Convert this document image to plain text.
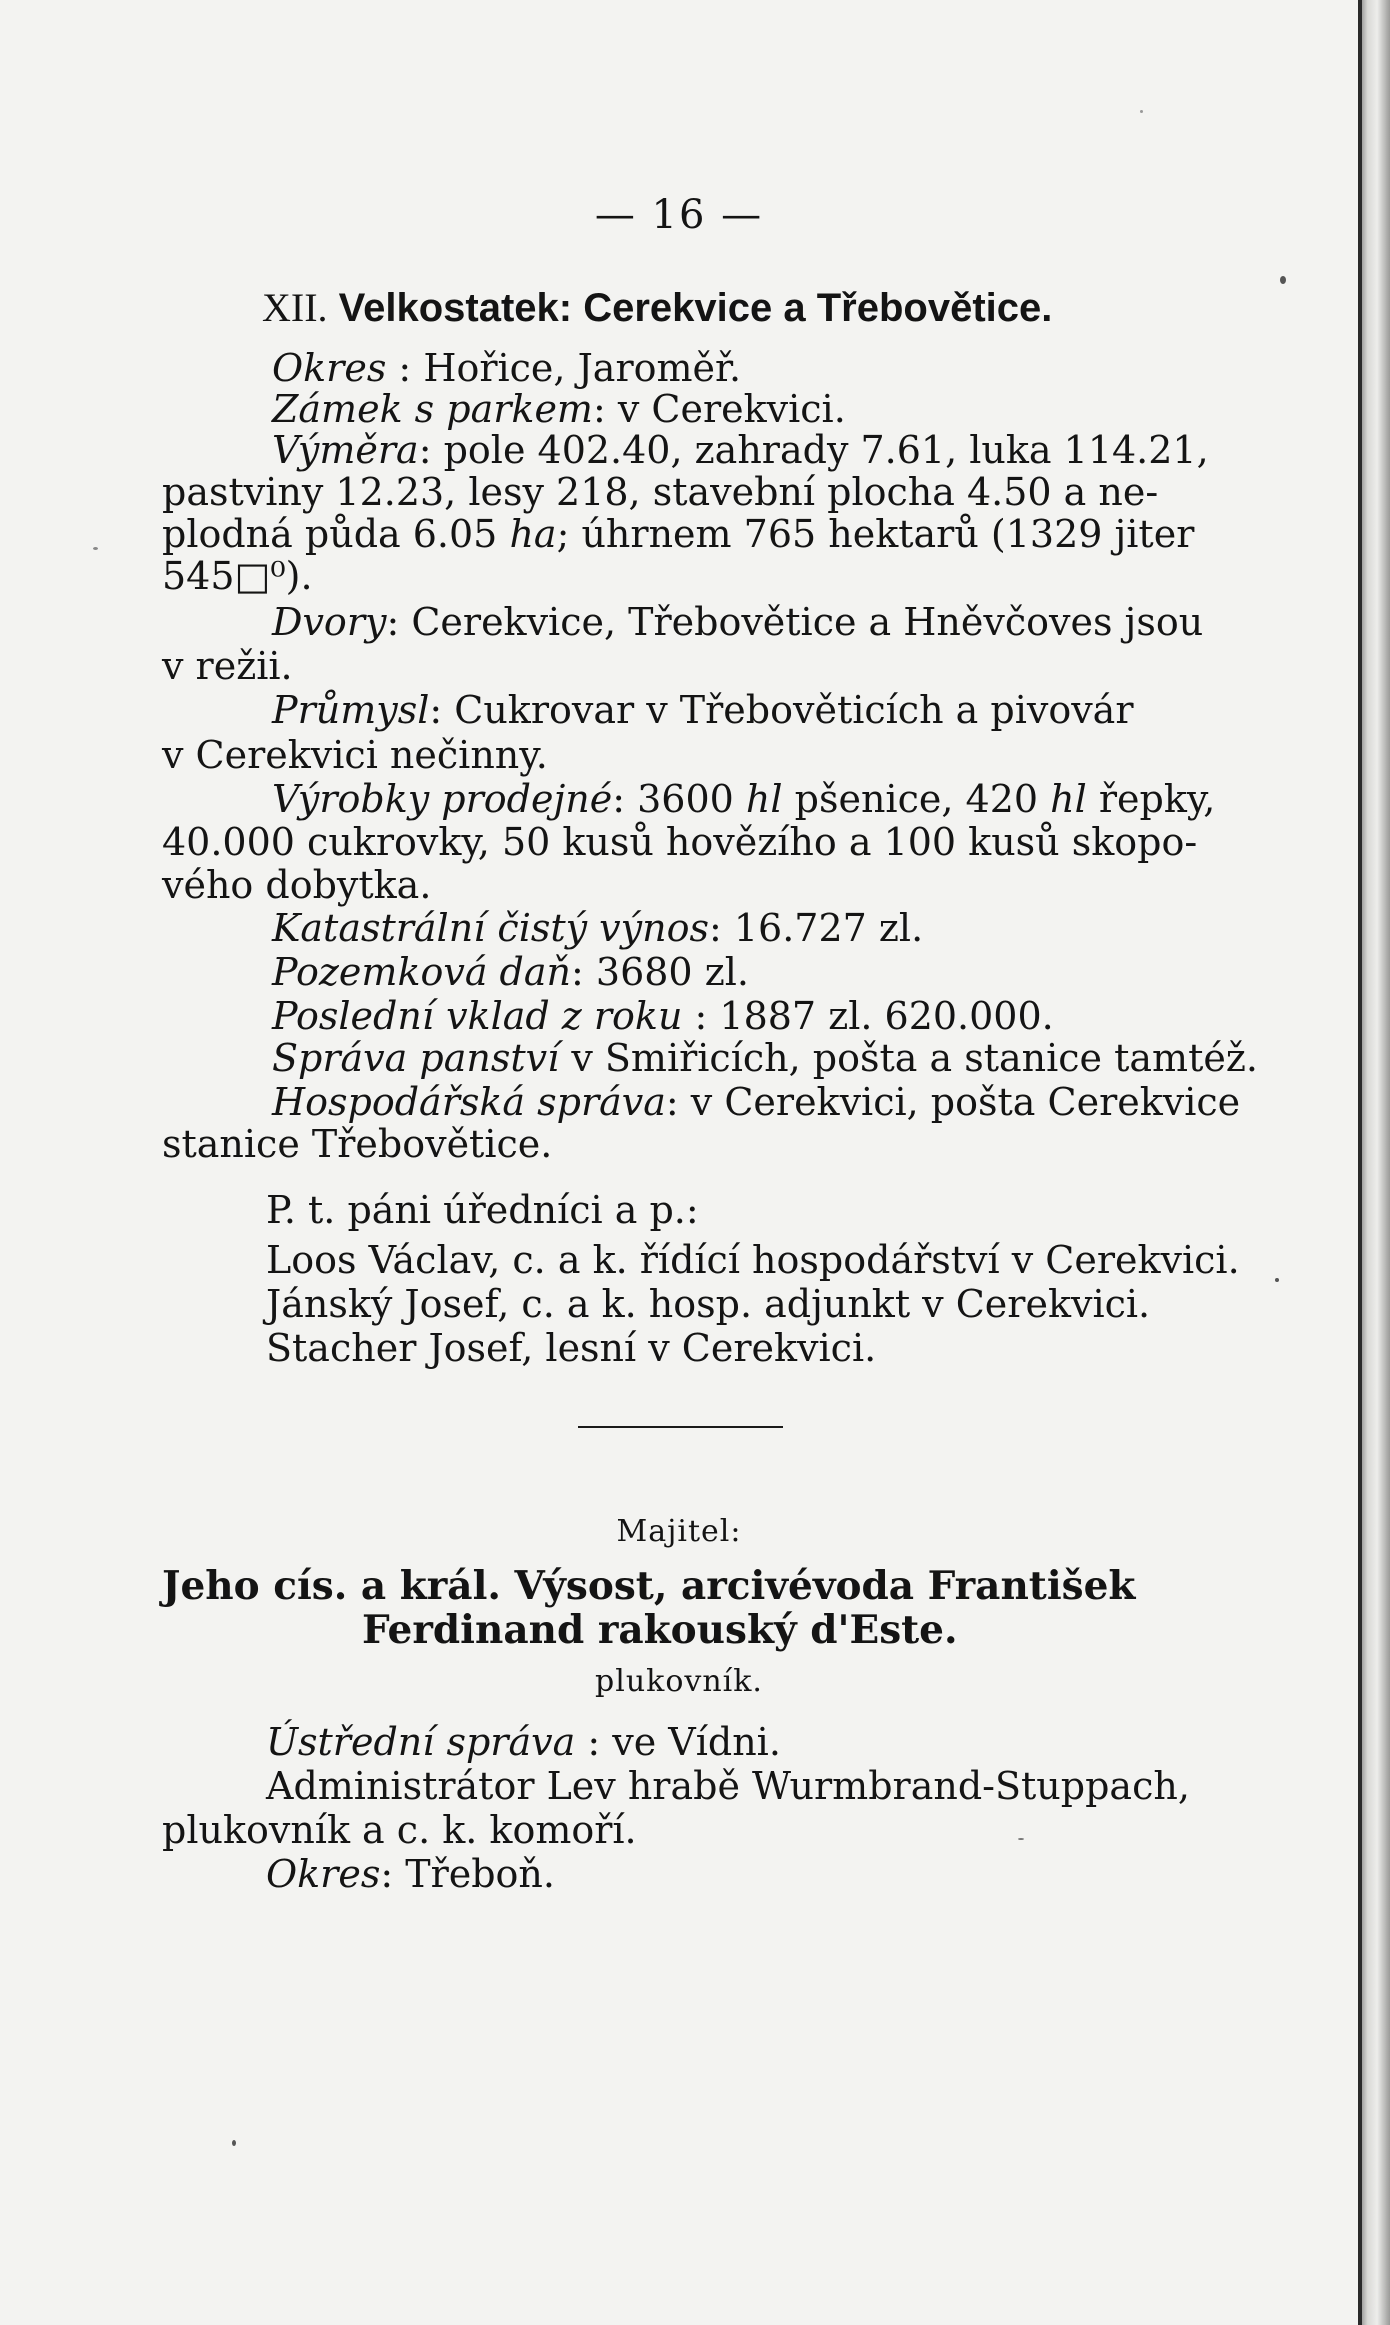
— 16 —
XII. Velkostatek: Cerekvice a Třebovětice.
Okres : Hořice, Jaroměř.
Zámek s parkem: v Cerekvici.
Výměra: pole 402.40, zahrady 7.61, luka 114.21,
pastviny 12.23, lesy 218, stavební plocha 4.50 a ne-
plodná půda 6.05 ha; úhrnem 765 hektarů (1329 jiter
545□⁰).
Dvory: Cerekvice, Třebovětice a Hněvčoves jsou
v režii.
Průmysl: Cukrovar v Třebověticích a pivovár
v Cerekvici nečinny.
Výrobky prodejné: 3600 hl pšenice, 420 hl řepky,
40.000 cukrovky, 50 kusů hovězího a 100 kusů skopo-
vého dobytka.
Katastrální čistý výnos: 16.727 zl.
Pozemková daň: 3680 zl.
Poslední vklad z roku : 1887 zl. 620.000.
Správa panství v Smiřicích, pošta a stanice tamtéž.
Hospodářská správa: v Cerekvici, pošta Cerekvice
stanice Třebovětice.
P. t. páni úředníci a p.:
Loos Václav, c. a k. řídící hospodářství v Cerekvici.
Jánský Josef, c. a k. hosp. adjunkt v Cerekvici.
Stacher Josef, lesní v Cerekvici.
Majitel:
Jeho cís. a král. Výsost, arcivévoda František
Ferdinand rakouský d'Este.
plukovník.
Ústřední správa : ve Vídni.
Administrátor Lev hrabě Wurmbrand-Stuppach,
plukovník a c. k. komoří.
Okres: Třeboň.
